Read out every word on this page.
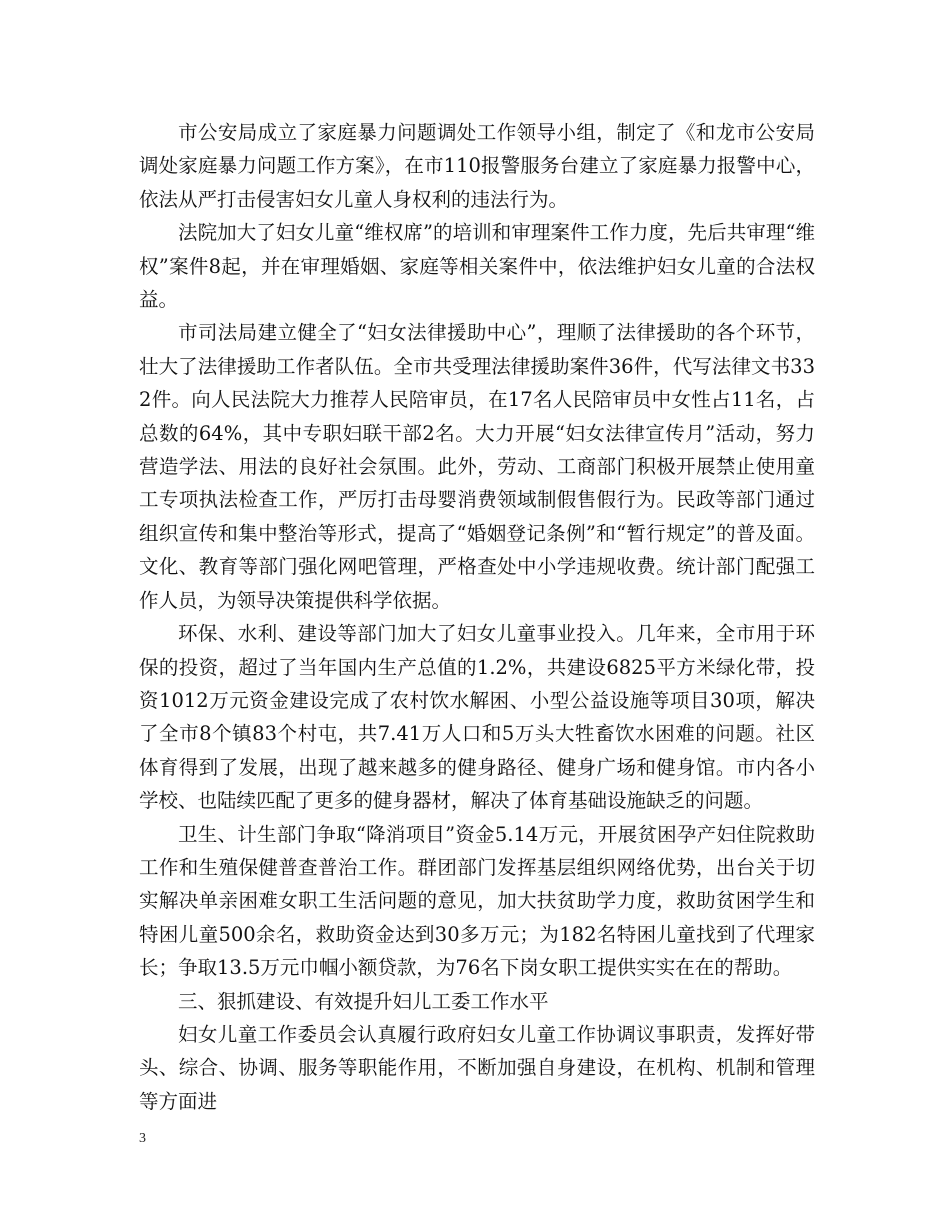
市公安局成立了家庭暴力问题调处工作领导小组，制定了《和龙市公安局调处家庭暴力问题工作方案》，在市110报警服务台建立了家庭暴力报警中心，依法从严打击侵害妇女儿童人身权利的违法行为。

法院加大了妇女儿童“维权席”的培训和审理案件工作力度，先后共审理“维权”案件8起，并在审理婚姻、家庭等相关案件中，依法维护妇女儿童的合法权益。

市司法局建立健全了“妇女法律援助中心”，理顺了法律援助的各个环节，壮大了法律援助工作者队伍。全市共受理法律援助案件36件，代写法律文书332件。向人民法院大力推荐人民陪审员，在17名人民陪审员中女性占11名，占总数的64%，其中专职妇联干部2名。大力开展“妇女法律宣传月”活动，努力营造学法、用法的良好社会氛围。此外，劳动、工商部门积极开展禁止使用童工专项执法检查工作，严厉打击母婴消费领域制假售假行为。民政等部门通过组织宣传和集中整治等形式，提高了“婚姻登记条例”和“暂行规定”的普及面。文化、教育等部门强化网吧管理，严格查处中小学违规收费。统计部门配强工作人员，为领导决策提供科学依据。

环保、水利、建设等部门加大了妇女儿童事业投入。几年来，全市用于环保的投资，超过了当年国内生产总值的1.2%，共建设6825平方米绿化带，投资1012万元资金建设完成了农村饮水解困、小型公益设施等项目30项，解决了全市8个镇83个村屯，共7.41万人口和5万头大牲畜饮水困难的问题。社区体育得到了发展，出现了越来越多的健身路径、健身广场和健身馆。市内各小学校、也陆续匹配了更多的健身器材，解决了体育基础设施缺乏的问题。

卫生、计生部门争取“降消项目”资金5.14万元，开展贫困孕产妇住院救助工作和生殖保健普查普治工作。群团部门发挥基层组织网络优势，出台关于切实解决单亲困难女职工生活问题的意见，加大扶贫助学力度，救助贫困学生和特困儿童500余名，救助资金达到30多万元；为182名特困儿童找到了代理家长；争取13.5万元巾帼小额贷款，为76名下岗女职工提供实实在在的帮助。

三、狠抓建设、有效提升妇儿工委工作水平

妇女儿童工作委员会认真履行政府妇女儿童工作协调议事职责，发挥好带头、综合、协调、服务等职能作用，不断加强自身建设，在机构、机制和管理等方面进

3
